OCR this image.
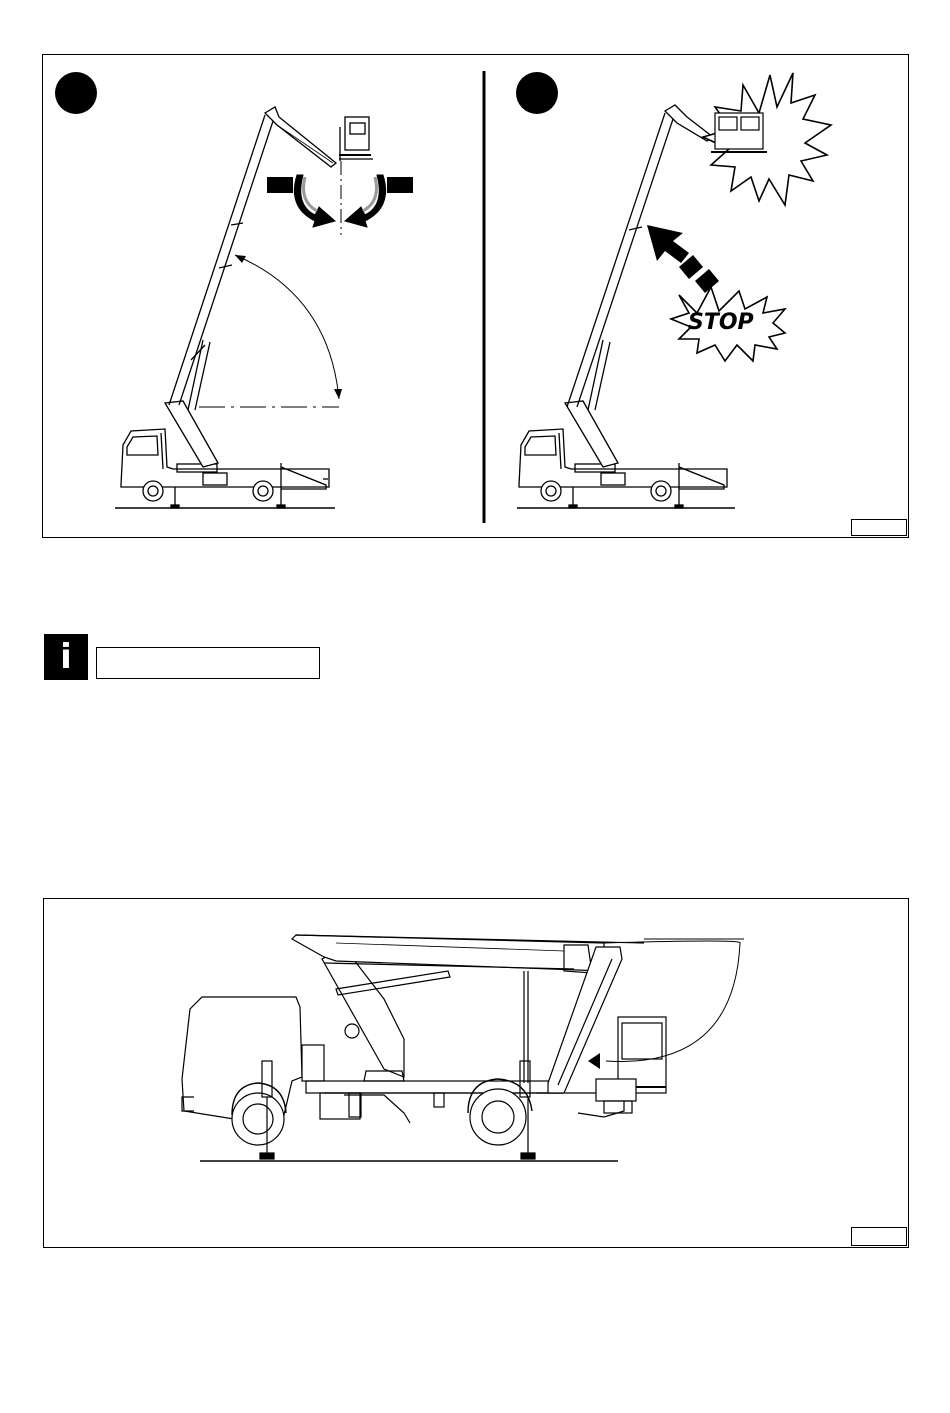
STOP
i
